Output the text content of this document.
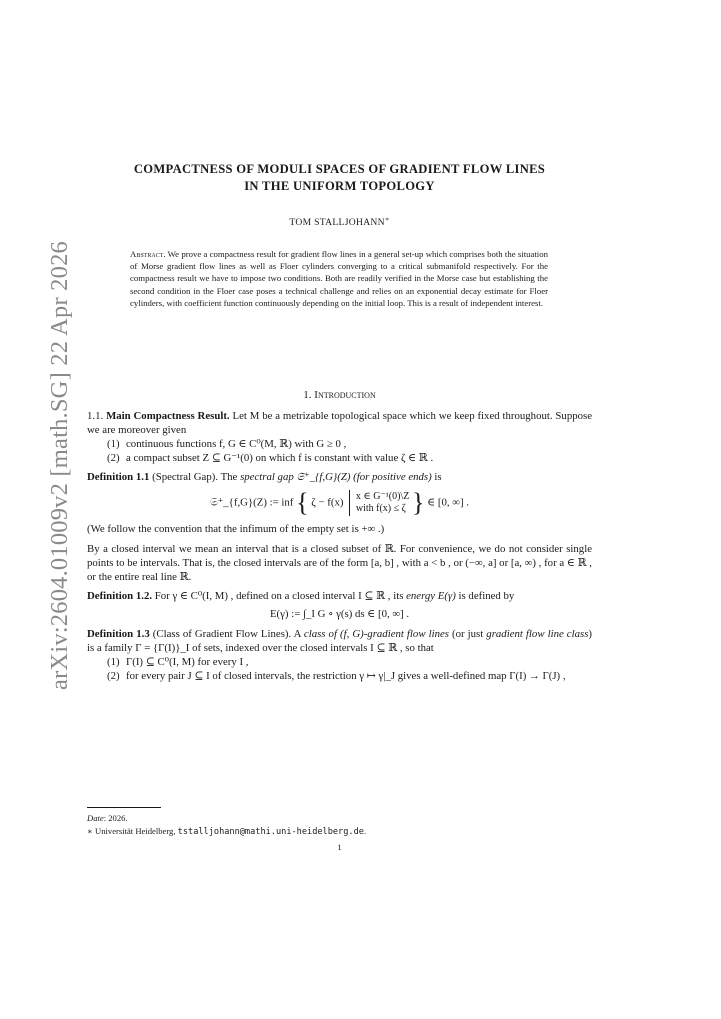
arXiv:2604.01009v2 [math.SG] 22 Apr 2026
COMPACTNESS OF MODULI SPACES OF GRADIENT FLOW LINES
IN THE UNIFORM TOPOLOGY
TOM STALLJOHANN∗
Abstract. We prove a compactness result for gradient flow lines in a general set-up which comprises both the situation of Morse gradient flow lines as well as Floer cylinders converging to a critical submanifold respectively. For the compactness result we have to impose two conditions. Both are readily verified in the Morse case but establishing the second condition in the Floer case poses a technical challenge and relies on an exponential decay estimate for Floer cylinders, with coefficient function continuously depending on the initial loop. This is a result of independent interest.
1. Introduction

1.1. Main Compactness Result. Let M be a metrizable topological space which we keep fixed throughout. Suppose we are moreover given

(1) continuous functions f, G ∈ C⁰(M, ℝ) with G ≥ 0 ,
(2) a compact subset Z ⊆ G⁻¹(0) on which f is constant with value ζ ∈ ℝ .

Definition 1.1 (Spectral Gap). The spectral gap 𝔖⁺_{f,G}(Z) (for positive ends) is

𝔖⁺_{f,G}(Z) := inf { ζ − f(x) x ∈ G⁻¹(0)\Z
with f(x) ≤ ζ } ∈ [0, ∞] .

(We follow the convention that the infimum of the empty set is +∞ .)

By a closed interval we mean an interval that is a closed subset of ℝ. For convenience, we do not consider single points to be intervals. That is, the closed intervals are of the form [a, b] , with a < b , or (−∞, a] or [a, ∞) , for a ∈ ℝ , or the entire real line ℝ.

Definition 1.2. For γ ∈ C⁰(I, M) , defined on a closed interval I ⊆ ℝ , its energy E(γ) is defined by

E(γ) := ∫_I G ∘ γ(s) ds ∈ [0, ∞] .

Definition 1.3 (Class of Gradient Flow Lines). A class of (f, G)-gradient flow lines (or just gradient flow line class) is a family Γ = {Γ(I)}_I of sets, indexed over the closed intervals I ⊆ ℝ , so that

(1) Γ(I) ⊆ C⁰(I, M) for every I ,
(2) for every pair J ⊆ I of closed intervals, the restriction γ ↦ γ|_J gives a well-defined map Γ(I) → Γ(J) ,
Date: 2026.
∗ Universität Heidelberg, tstalljohann@mathi.uni-heidelberg.de.
1
